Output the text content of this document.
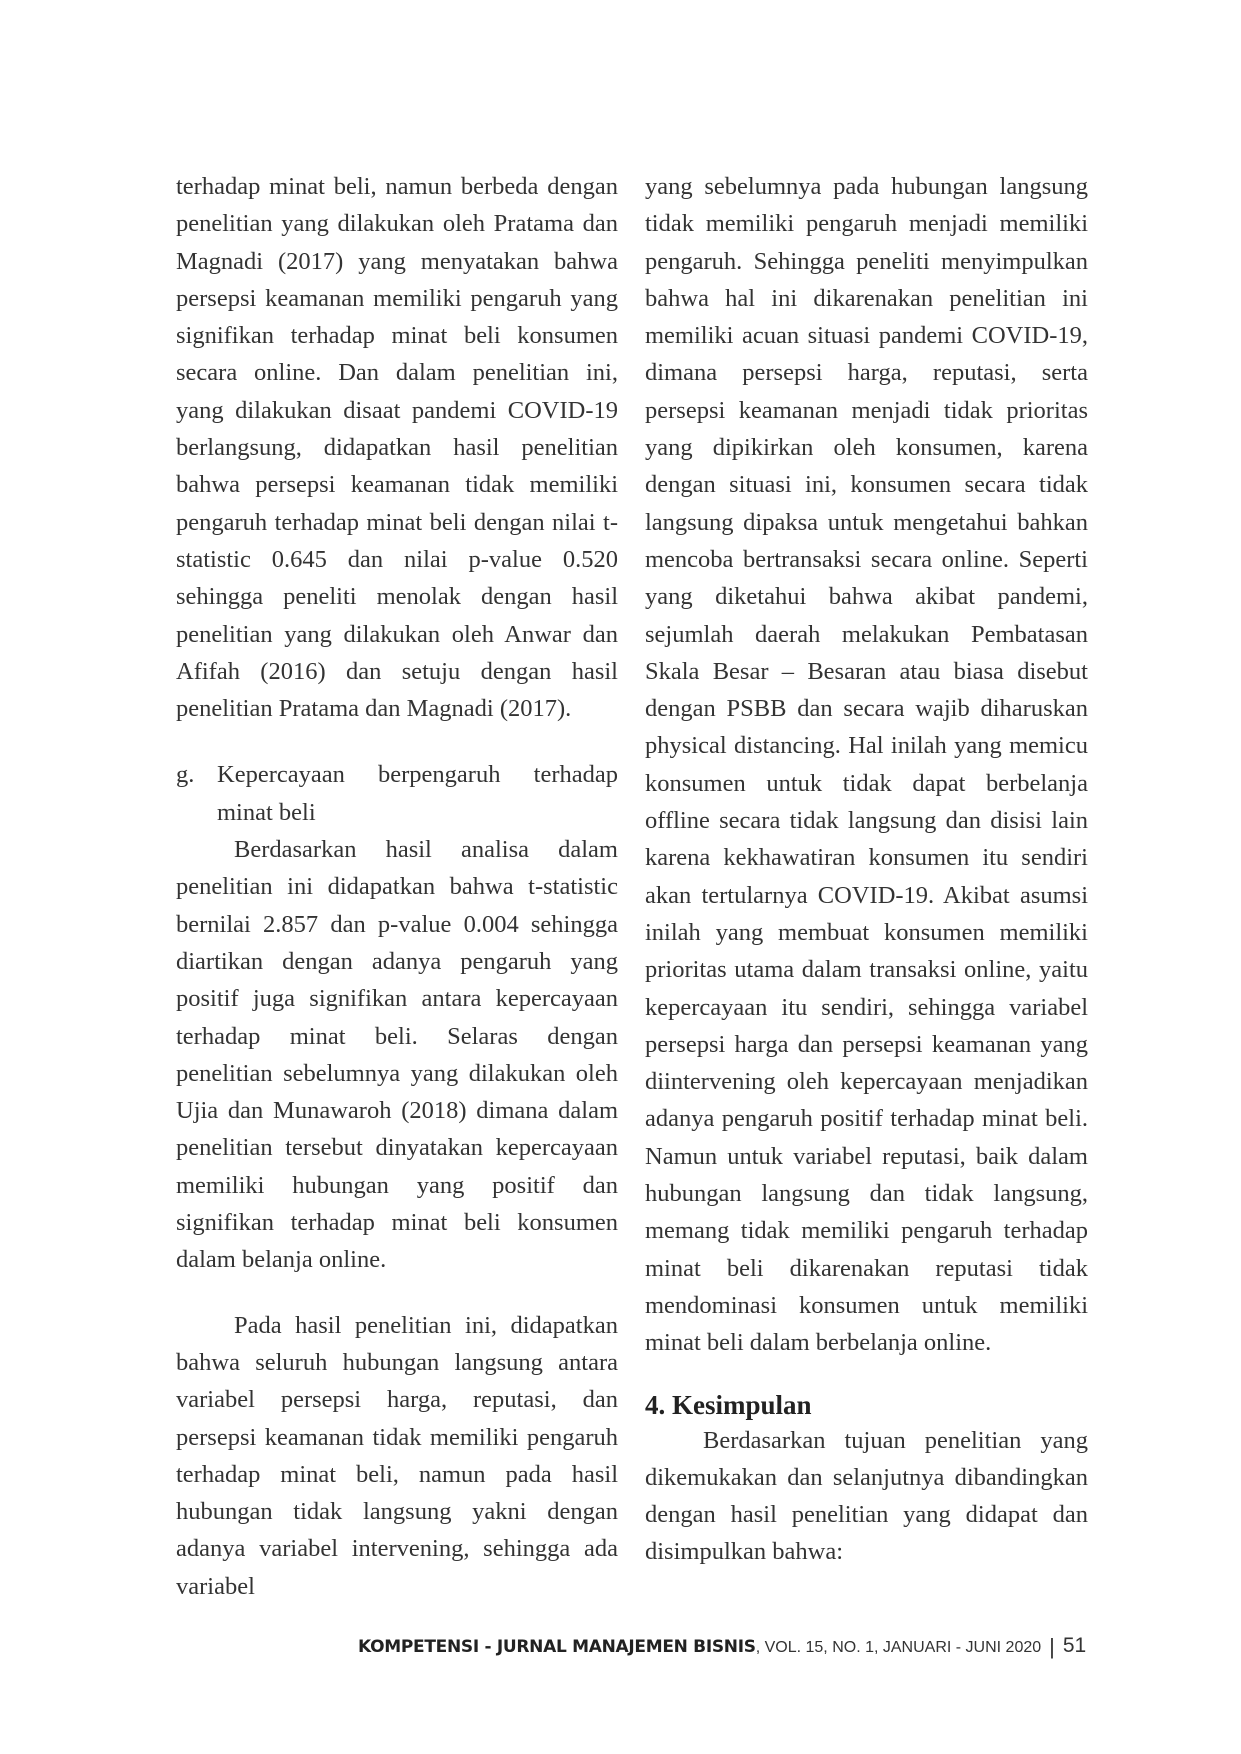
terhadap minat beli, namun berbeda dengan penelitian yang dilakukan oleh Pratama dan Magnadi (2017) yang menyatakan bahwa persepsi keamanan memiliki pengaruh yang signifikan terhadap minat beli konsumen secara online. Dan dalam penelitian ini, yang dilakukan disaat pandemi COVID-19 berlangsung, didapatkan hasil penelitian bahwa persepsi keamanan tidak memiliki pengaruh terhadap minat beli dengan nilai t-statistic 0.645 dan nilai p-value 0.520 sehingga peneliti menolak dengan hasil penelitian yang dilakukan oleh Anwar dan Afifah (2016) dan setuju dengan hasil penelitian Pratama dan Magnadi (2017).

g. Kepercayaan berpengaruh terhadap minat beli

Berdasarkan hasil analisa dalam penelitian ini didapatkan bahwa t-statistic bernilai 2.857 dan p-value 0.004 sehingga diartikan dengan adanya pengaruh yang positif juga signifikan antara kepercayaan terhadap minat beli. Selaras dengan penelitian sebelumnya yang dilakukan oleh Ujia dan Munawaroh (2018) dimana dalam penelitian tersebut dinyatakan kepercayaan memiliki hubungan yang positif dan signifikan terhadap minat beli konsumen dalam belanja online.

Pada hasil penelitian ini, didapatkan bahwa seluruh hubungan langsung antara variabel persepsi harga, reputasi, dan persepsi keamanan tidak memiliki pengaruh terhadap minat beli, namun pada hasil hubungan tidak langsung yakni dengan adanya variabel intervening, sehingga ada variabel

yang sebelumnya pada hubungan langsung tidak memiliki pengaruh menjadi memiliki pengaruh. Sehingga peneliti menyimpulkan bahwa hal ini dikarenakan penelitian ini memiliki acuan situasi pandemi COVID-19, dimana persepsi harga, reputasi, serta persepsi keamanan menjadi tidak prioritas yang dipikirkan oleh konsumen, karena dengan situasi ini, konsumen secara tidak langsung dipaksa untuk mengetahui bahkan mencoba bertransaksi secara online. Seperti yang diketahui bahwa akibat pandemi, sejumlah daerah melakukan Pembatasan Skala Besar – Besaran atau biasa disebut dengan PSBB dan secara wajib diharuskan physical distancing. Hal inilah yang memicu konsumen untuk tidak dapat berbelanja offline secara tidak langsung dan disisi lain karena kekhawatiran konsumen itu sendiri akan tertularnya COVID-19. Akibat asumsi inilah yang membuat konsumen memiliki prioritas utama dalam transaksi online, yaitu kepercayaan itu sendiri, sehingga variabel persepsi harga dan persepsi keamanan yang diintervening oleh kepercayaan menjadikan adanya pengaruh positif terhadap minat beli. Namun untuk variabel reputasi, baik dalam hubungan langsung dan tidak langsung, memang tidak memiliki pengaruh terhadap minat beli dikarenakan reputasi tidak mendominasi konsumen untuk memiliki minat beli dalam berbelanja online.

4. Kesimpulan

Berdasarkan tujuan penelitian yang dikemukakan dan selanjutnya dibandingkan dengan hasil penelitian yang didapat dan disimpulkan bahwa:

KOMPETENSI - JURNAL MANAJEMEN BISNIS, VOL. 15, NO. 1, JANUARI - JUNI 2020 | 51
